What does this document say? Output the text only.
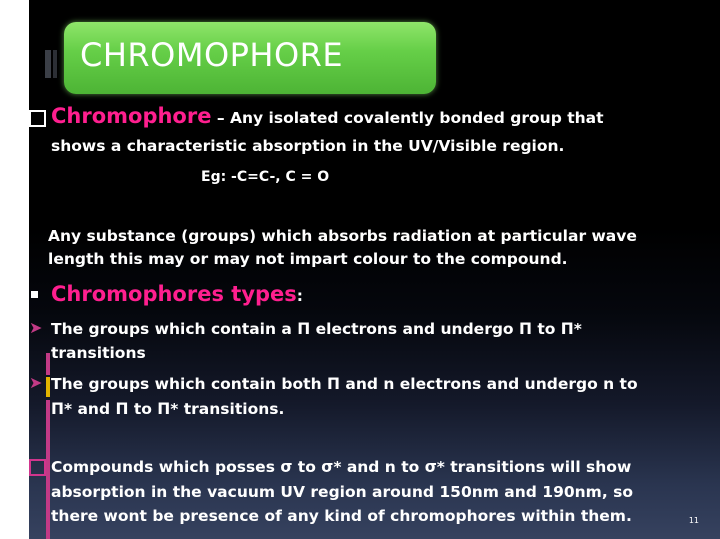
CHROMOPHORE
Chromophore – Any isolated covalently bonded group that
shows a characteristic absorption in the UV/Visible region.
Eg: -C=C-, C = O
Any substance (groups) which absorbs radiation at particular wave
length this may or may not impart colour to the compound.
Chromophores types:
➤ The groups which contain a Π electrons and undergo Π to Π*
transitions
➤ The groups which contain both Π and n electrons and undergo n to
Π* and Π to Π* transitions.
Compounds which posses σ to σ* and n to σ* transitions will show
absorption in the vacuum UV region around 150nm and 190nm, so
there wont be presence of any kind of chromophores within them.	11
